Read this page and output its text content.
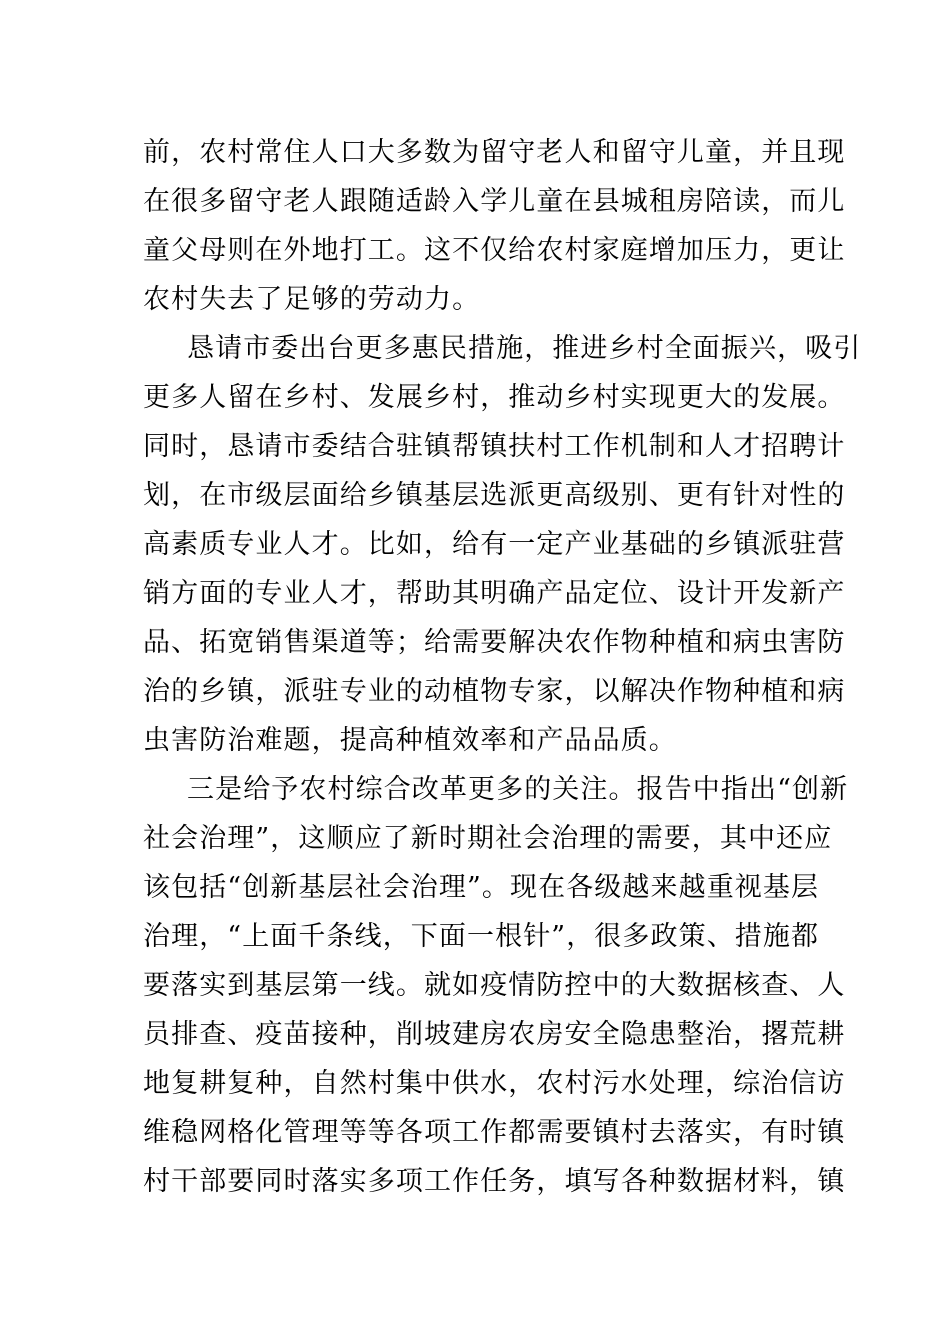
前，农村常住人口大多数为留守老人和留守儿童，并且现
在很多留守老人跟随适龄入学儿童在县城租房陪读，而儿
童父母则在外地打工。这不仅给农村家庭增加压力，更让
农村失去了足够的劳动力。
恳请市委出台更多惠民措施，推进乡村全面振兴，吸引
更多人留在乡村、发展乡村，推动乡村实现更大的发展。
同时，恳请市委结合驻镇帮镇扶村工作机制和人才招聘计
划，在市级层面给乡镇基层选派更高级别、更有针对性的
高素质专业人才。比如，给有一定产业基础的乡镇派驻营
销方面的专业人才，帮助其明确产品定位、设计开发新产
品、拓宽销售渠道等；给需要解决农作物种植和病虫害防
治的乡镇，派驻专业的动植物专家，以解决作物种植和病
虫害防治难题，提高种植效率和产品品质。
三是给予农村综合改革更多的关注。报告中指出“创新
社会治理”，这顺应了新时期社会治理的需要，其中还应
该包括“创新基层社会治理”。现在各级越来越重视基层
治理，“上面千条线，下面一根针”，很多政策、措施都
要落实到基层第一线。就如疫情防控中的大数据核查、人
员排查、疫苗接种，削坡建房农房安全隐患整治，撂荒耕
地复耕复种，自然村集中供水，农村污水处理，综治信访
维稳网格化管理等等各项工作都需要镇村去落实，有时镇
村干部要同时落实多项工作任务，填写各种数据材料，镇
